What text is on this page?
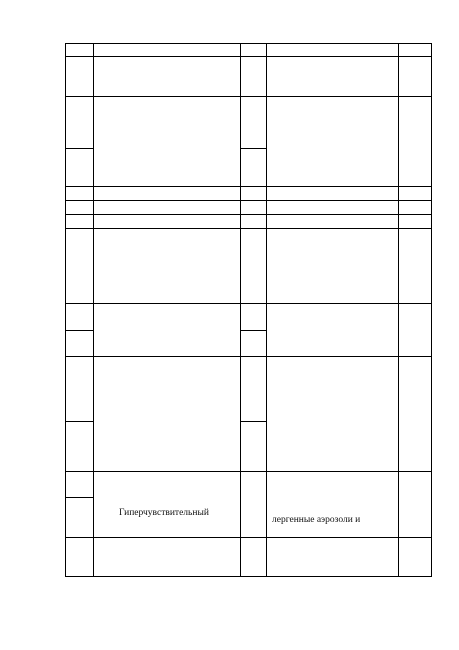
Гиперчувствительный
лергенные аэрозоли и
